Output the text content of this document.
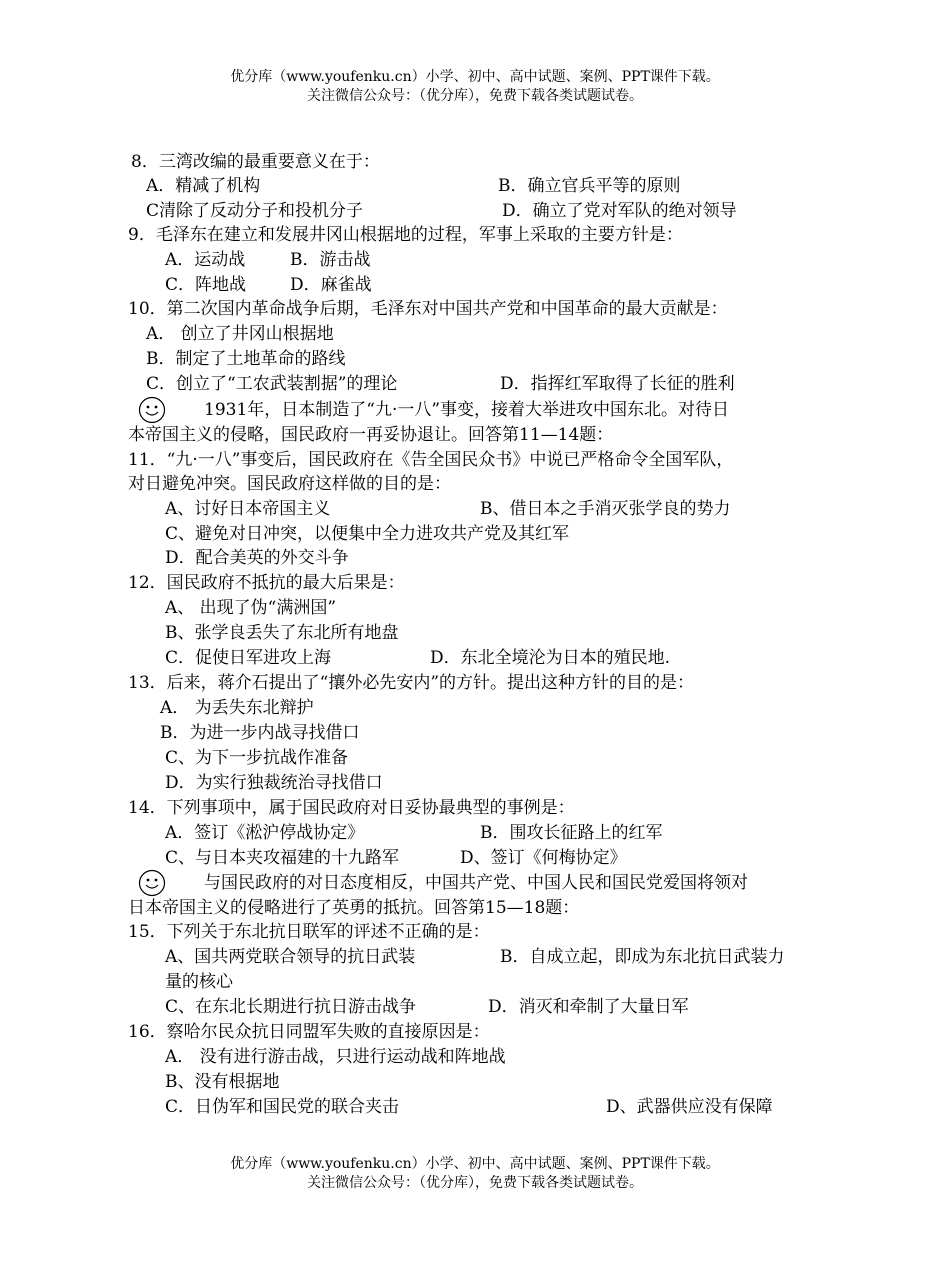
优分库（www.youfenku.cn）小学、初中、高中试题、案例、PPT课件下载。
关注微信公众号：（优分库），免费下载各类试题试卷。
8．三湾改编的最重要意义在于：
A．精减了机构	B．确立官兵平等的原则
C清除了反动分子和投机分子	D．确立了党对军队的绝对领导
9．毛泽东在建立和发展井冈山根据地的过程，军事上采取的主要方针是：
A．运动战	B．游击战
C．阵地战	D．麻雀战
10．第二次国内革命战争后期，毛泽东对中国共产党和中国革命的最大贡献是：
A． 创立了井冈山根据地
B．制定了土地革命的路线
C．创立了“工农武装割据”的理论	D．指挥红军取得了长征的胜利
1931年，日本制造了“九·一八”事变，接着大举进攻中国东北。对待日
本帝国主义的侵略，国民政府一再妥协退让。回答第11—14题：
11．“九·一八”事变后，国民政府在《告全国民众书》中说已严格命令全国军队，
对日避免冲突。国民政府这样做的目的是：
A、讨好日本帝国主义	B、借日本之手消灭张学良的势力
C、避免对日冲突，以便集中全力进攻共产党及其红军
D．配合美英的外交斗争
12．国民政府不抵抗的最大后果是：
A、 出现了伪“满洲国”
B、张学良丢失了东北所有地盘
C．促使日军进攻上海	D．东北全境沦为日本的殖民地.
13．后来，蒋介石提出了“攘外必先安内”的方针。提出这种方针的目的是：
A． 为丢失东北辩护
B．为进一步内战寻找借口
C、为下一步抗战作准备
D．为实行独裁统治寻找借口
14．下列事项中，属于国民政府对日妥协最典型的事例是：
A．签订《淞沪停战协定》	B．围攻长征路上的红军
C、与日本夹攻福建的十九路军	D、签订《何梅协定》
与国民政府的对日态度相反，中国共产党、中国人民和国民党爱国将领对
日本帝国主义的侵略进行了英勇的抵抗。回答第15—18题：
15．下列关于东北抗日联军的评述不正确的是：
A、国共两党联合领导的抗日武装	B．自成立起，即成为东北抗日武装力
量的核心
C、在东北长期进行抗日游击战争	D．消灭和牵制了大量日军
16．察哈尔民众抗日同盟军失败的直接原因是：
A． 没有进行游击战，只进行运动战和阵地战
B、没有根据地
C．日伪军和国民党的联合夹击	D、武器供应没有保障
优分库（www.youfenku.cn）小学、初中、高中试题、案例、PPT课件下载。
关注微信公众号：（优分库），免费下载各类试题试卷。
